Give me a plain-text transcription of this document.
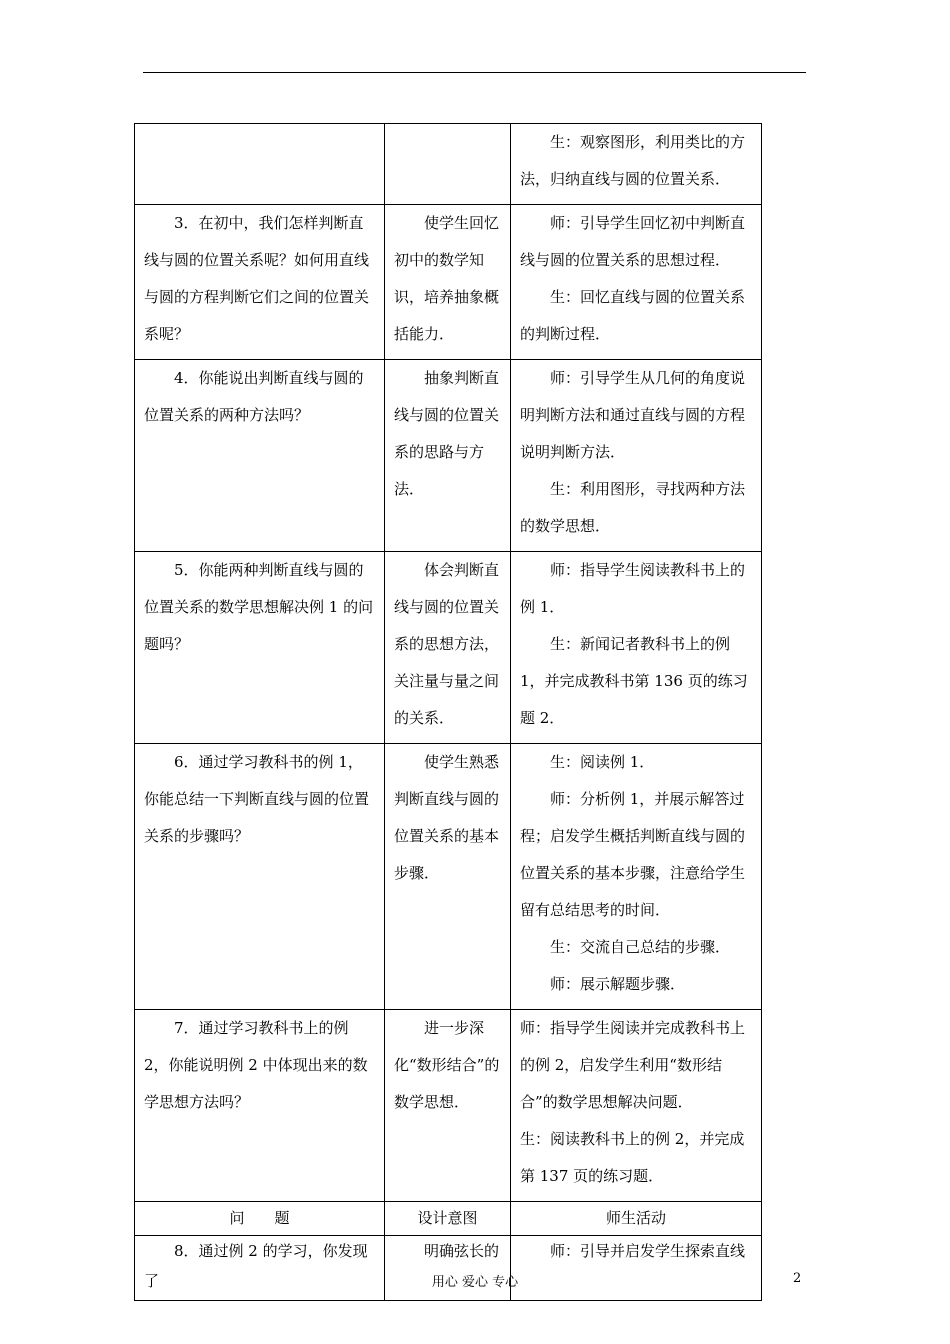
		生：观察图形，利用类比的方法，归纳直线与圆的位置关系．

3．在初中，我们怎样判断直线与圆的位置关系呢？如何用直线与圆的方程判断它们之间的位置关系呢？	使学生回忆初中的数学知识，培养抽象概括能力．	师：引导学生回忆初中判断直线与圆的位置关系的思想过程．

生：回忆直线与圆的位置关系的判断过程．

4．你能说出判断直线与圆的位置关系的两种方法吗？	抽象判断直线与圆的位置关系的思路与方法．	师：引导学生从几何的角度说明判断方法和通过直线与圆的方程说明判断方法．

生：利用图形，寻找两种方法的数学思想．

5．你能两种判断直线与圆的位置关系的数学思想解决例 1 的问题吗？	体会判断直线与圆的位置关系的思想方法，关注量与量之间的关系．	师：指导学生阅读教科书上的例 1．

生：新闻记者教科书上的例 1，并完成教科书第 136 页的练习题 2．

6．通过学习教科书的例 1，你能总结一下判断直线与圆的位置关系的步骤吗？	使学生熟悉判断直线与圆的位置关系的基本步骤．	生：阅读例 1．

师：分析例 1，并展示解答过程；启发学生概括判断直线与圆的位置关系的基本步骤，注意给学生留有总结思考的时间．

生：交流自己总结的步骤．

师：展示解题步骤．

7．通过学习教科书上的例 2，你能说明例 2 中体现出来的数学思想方法吗？	进一步深化“数形结合”的数学思想．	师：指导学生阅读并完成教科书上的例 2，启发学生利用“数形结合”的数学思想解决问题．

生：阅读教科书上的例 2，并完成第 137 页的练习题．

问　　题	设计意图	师生活动

8．通过例 2 的学习，你发现了	明确弦长的	师：引导并启发学生探索直线

用心 爱心 专心	2
